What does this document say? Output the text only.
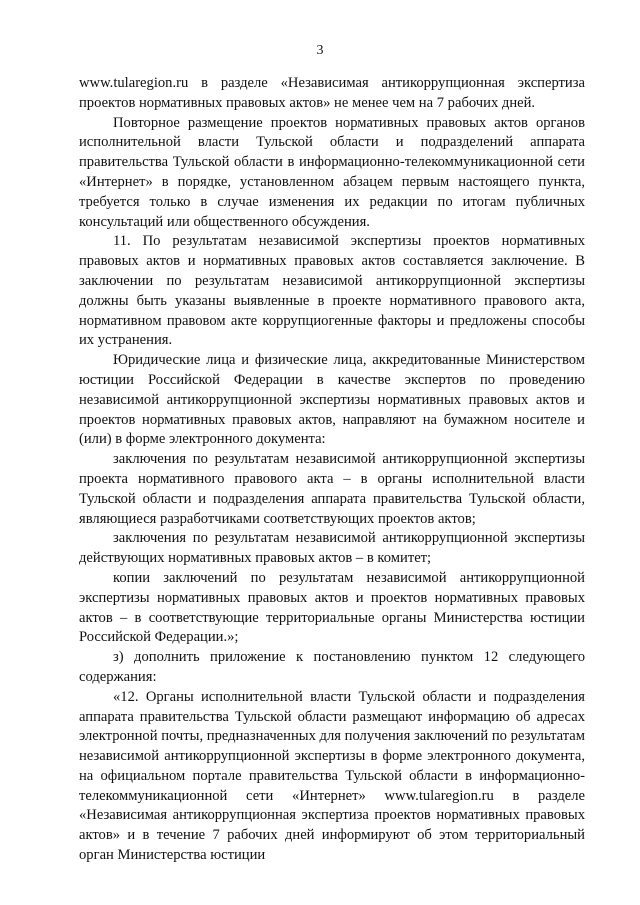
3

www.tularegion.ru в разделе «Независимая антикоррупционная экспертиза проектов нормативных правовых актов» не менее чем на 7 рабочих дней.

Повторное размещение проектов нормативных правовых актов органов исполнительной власти Тульской области и подразделений аппарата правительства Тульской области в информационно-телекоммуникационной сети «Интернет» в порядке, установленном абзацем первым настоящего пункта, требуется только в случае изменения их редакции по итогам публичных консультаций или общественного обсуждения.

11. По результатам независимой экспертизы проектов нормативных правовых актов и нормативных правовых актов составляется заключение. В заключении по результатам независимой антикоррупционной экспертизы должны быть указаны выявленные в проекте нормативного правового акта, нормативном правовом акте коррупциогенные факторы и предложены способы их устранения.

Юридические лица и физические лица, аккредитованные Министерством юстиции Российской Федерации в качестве экспертов по проведению независимой антикоррупционной экспертизы нормативных правовых актов и проектов нормативных правовых актов, направляют на бумажном носителе и (или) в форме электронного документа:

заключения по результатам независимой антикоррупционной экспертизы проекта нормативного правового акта – в органы исполнительной власти Тульской области и подразделения аппарата правительства Тульской области, являющиеся разработчиками соответствующих проектов актов;

заключения по результатам независимой антикоррупционной экспертизы действующих нормативных правовых актов – в комитет;

копии заключений по результатам независимой антикоррупционной экспертизы нормативных правовых актов и проектов нормативных правовых актов – в соответствующие территориальные органы Министерства юстиции Российской Федерации.»;

з) дополнить приложение к постановлению пунктом 12 следующего содержания:

«12. Органы исполнительной власти Тульской области и подразделения аппарата правительства Тульской области размещают информацию об адресах электронной почты, предназначенных для получения заключений по результатам независимой антикоррупционной экспертизы в форме электронного документа, на официальном портале правительства Тульской области в информационно-телекоммуникационной сети «Интернет» www.tularegion.ru в разделе «Независимая антикоррупционная экспертиза проектов нормативных правовых актов» и в течение 7 рабочих дней информируют об этом территориальный орган Министерства юстиции
